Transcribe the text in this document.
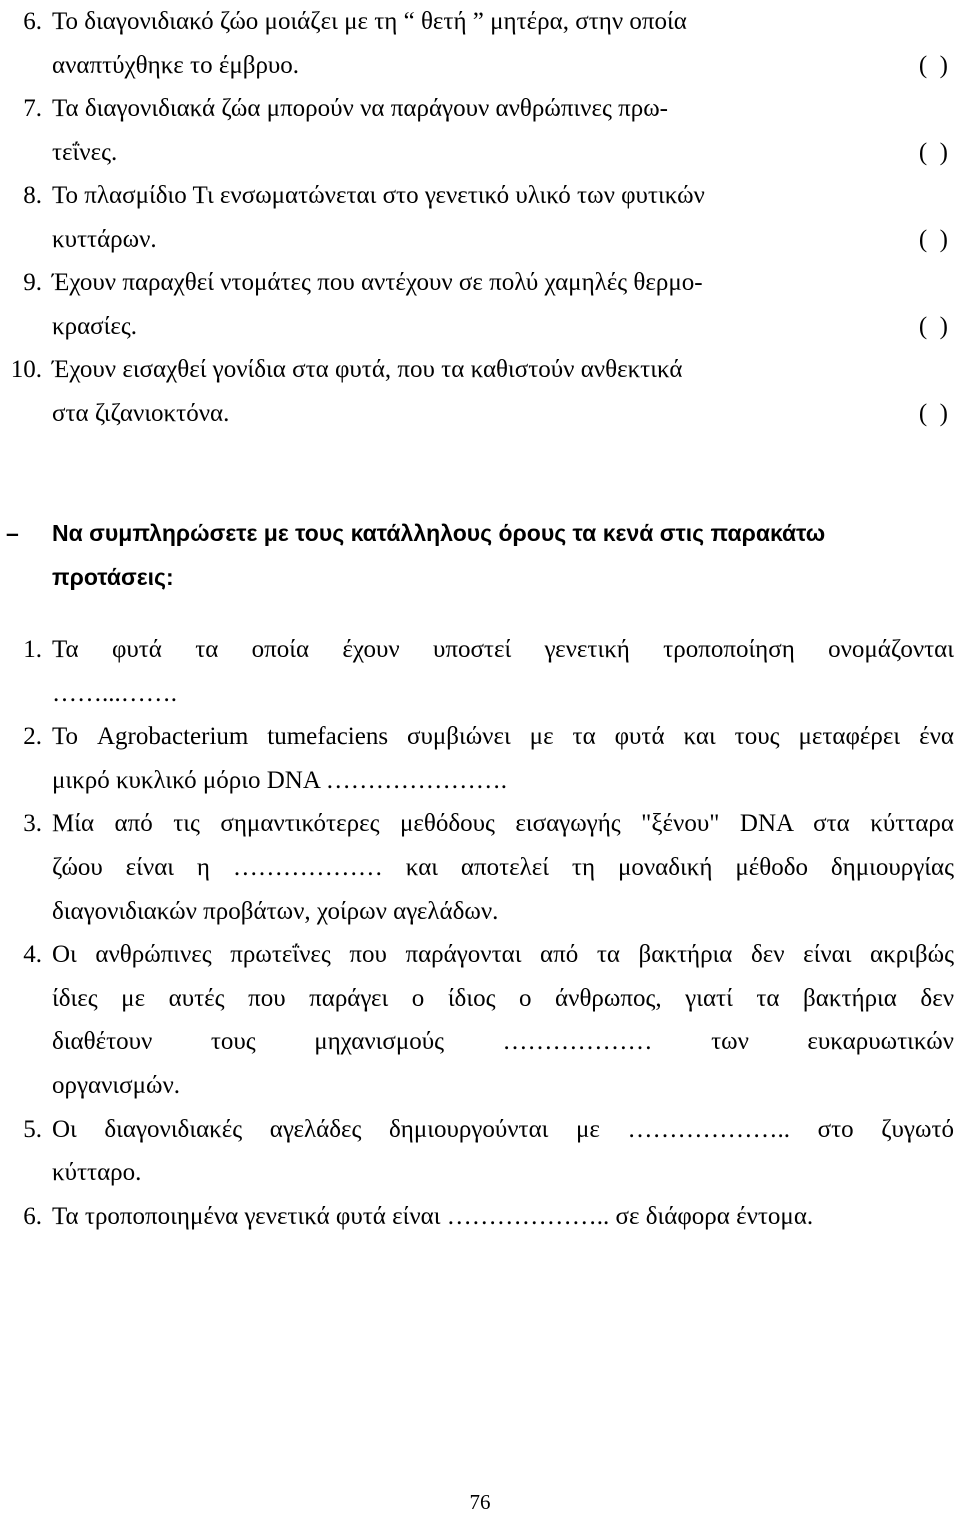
6. Το διαγονιδιακό ζώο μοιάζει με τη “ θετή ” μητέρα, στην οποία
αναπτύχθηκε το έμβρυο.	(  )
7. Τα διαγονιδιακά ζώα μπορούν να παράγουν ανθρώπινες πρω-
τεΐνες.	(  )
8. Το πλασμίδιο Τι ενσωματώνεται στο γενετικό υλικό των φυτικών
κυττάρων.	(  )
9. Έχουν παραχθεί ντομάτες που αντέχουν σε πολύ χαμηλές θερμο-
κρασίες.	(  )
10. Έχουν εισαχθεί γονίδια στα φυτά, που τα καθιστούν ανθεκτικά
στα ζιζανιοκτόνα.	(  )
–	Να συμπληρώσετε με τους κατάλληλους όρους τα κενά στις παρακάτω
προτάσεις:
1. Τα φυτά τα οποία έχουν υποστεί γενετική τροποποίηση ονομάζονται
……...…….
2. Το Agrobacterium tumefaciens συμβιώνει με τα φυτά και τους μεταφέρει ένα
μικρό κυκλικό μόριο DNA ………………….
3. Μία από τις σημαντικότερες μεθόδους εισαγωγής "ξένου" DNA στα κύτταρα
ζώου είναι η ……………… και αποτελεί τη μοναδική μέθοδο δημιουργίας
διαγονιδιακών προβάτων, χοίρων αγελάδων.
4. Οι ανθρώπινες πρωτεΐνες που παράγονται από τα βακτήρια δεν είναι ακριβώς
ίδιες με αυτές που παράγει ο ίδιος ο άνθρωπος, γιατί τα βακτήρια δεν
διαθέτουν τους μηχανισμούς ……………… των ευκαρυωτικών
οργανισμών.
5. Οι διαγονιδιακές αγελάδες δημιουργούνται με ……………….. στο ζυγωτό
κύτταρο.
6. Τα τροποποιημένα γενετικά φυτά είναι ……………….. σε διάφορα έντομα.
76
